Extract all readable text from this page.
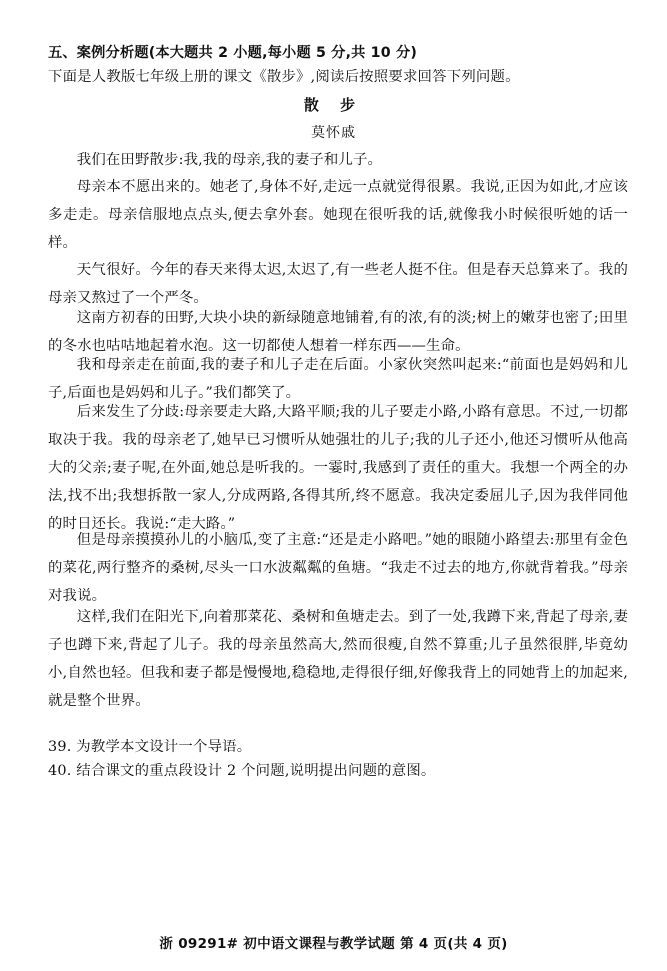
五、案例分析题(本大题共 2 小题,每小题 5 分,共 10 分)
下面是人教版七年级上册的课文《散步》,阅读后按照要求回答下列问题。
散 步
莫怀戚
我们在田野散步:我,我的母亲,我的妻子和儿子。
母亲本不愿出来的。她老了,身体不好,走远一点就觉得很累。我说,正因为如此,才应该多走走。母亲信服地点点头,便去拿外套。她现在很听我的话,就像我小时候很听她的话一样。
天气很好。今年的春天来得太迟,太迟了,有一些老人挺不住。但是春天总算来了。我的母亲又熬过了一个严冬。
这南方初春的田野,大块小块的新绿随意地铺着,有的浓,有的淡;树上的嫩芽也密了;田里的冬水也咕咕地起着水泡。这一切都使人想着一样东西——生命。
我和母亲走在前面,我的妻子和儿子走在后面。小家伙突然叫起来:“前面也是妈妈和儿子,后面也是妈妈和儿子。”我们都笑了。
后来发生了分歧:母亲要走大路,大路平顺;我的儿子要走小路,小路有意思。不过,一切都取决于我。我的母亲老了,她早已习惯听从她强壮的儿子;我的儿子还小,他还习惯听从他高大的父亲;妻子呢,在外面,她总是听我的。一霎时,我感到了责任的重大。我想一个两全的办法,找不出;我想拆散一家人,分成两路,各得其所,终不愿意。我决定委屈儿子,因为我伴同他的时日还长。我说:“走大路。”
但是母亲摸摸孙儿的小脑瓜,变了主意:“还是走小路吧。”她的眼随小路望去:那里有金色的菜花,两行整齐的桑树,尽头一口水波粼粼的鱼塘。“我走不过去的地方,你就背着我。”母亲对我说。
这样,我们在阳光下,向着那菜花、桑树和鱼塘走去。到了一处,我蹲下来,背起了母亲,妻子也蹲下来,背起了儿子。我的母亲虽然高大,然而很瘦,自然不算重;儿子虽然很胖,毕竟幼小,自然也轻。但我和妻子都是慢慢地,稳稳地,走得很仔细,好像我背上的同她背上的加起来,就是整个世界。
39. 为教学本文设计一个导语。
40. 结合课文的重点段设计 2 个问题,说明提出问题的意图。
浙 09291# 初中语文课程与教学试题 第 4 页(共 4 页)
